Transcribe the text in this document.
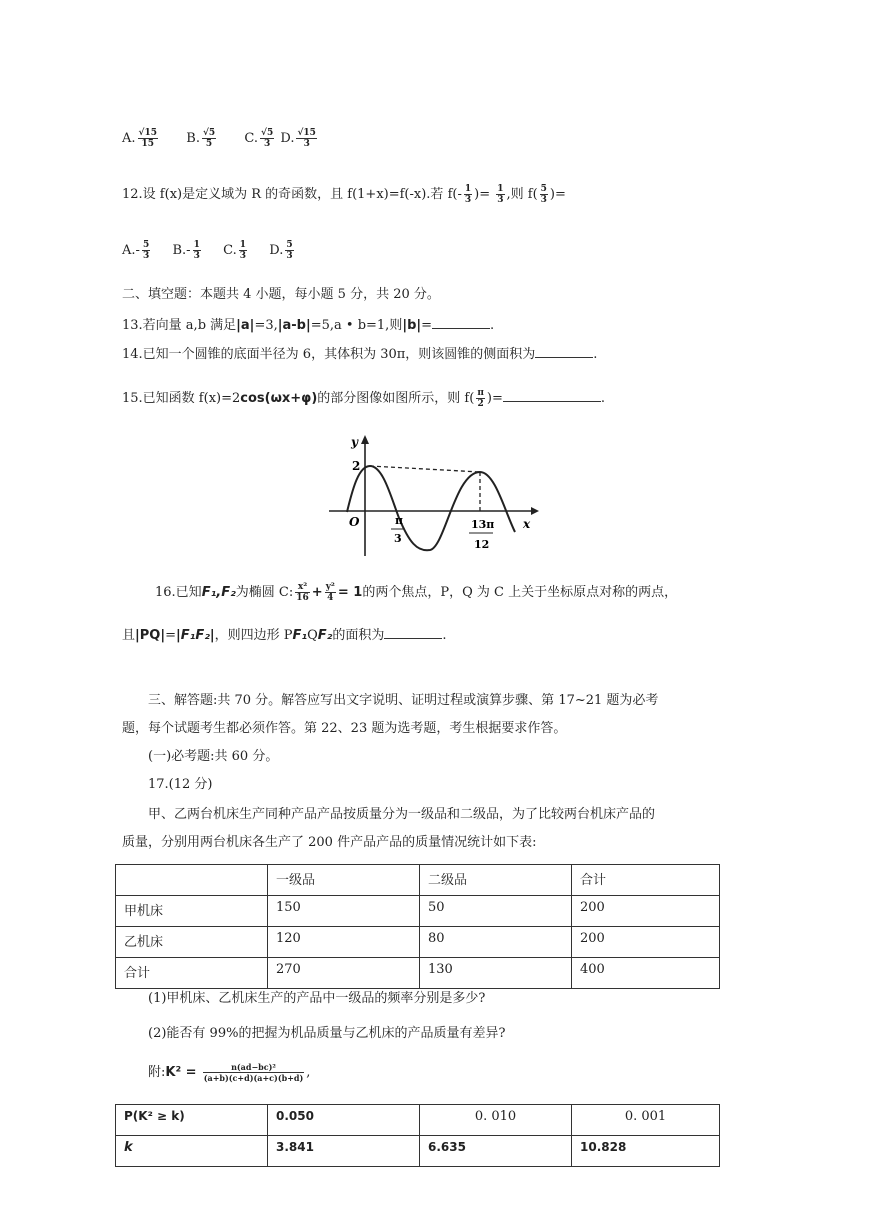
A. $\frac{√15}{15} B$. $\frac{√5}{5} C$. $\frac{√5}{3} D$. $\frac{√15}{3}$
12.设 f(x)是定义域为 R 的奇函数，且 f(1+x)=f(-x).若 $f(- \frac{1}{3}$ )= $\frac{1}{3}$ ,则 $f( \frac{5}{3}$ )=
$A.- \frac{5}{3} B.- \frac{1}{3} C$. $\frac{1}{3} D$. $\frac{5}{3}$
二、填空题：本题共 4 小题，每小题 5 分，共 20 分。
13.若向量 a,b 满足|a|=3,|a-b|=5,a • b=1,则|b|=	.
14.已知一个圆锥的底面半径为 6，其体积为 30π，则该圆锥的侧面积为	.
15.已知函数 f(x)=2cos(ωx+φ)的部分图像如图所示，则 $f( \frac{\pi}{2}$ )=	.
y
2
O	x
π
3
13π
12
16.已知F₁,F₂为椭圆 C: $\frac{\text{x²}}{16} + \frac{\text{y²}}{4} = 1$的两个焦点，P，Q 为 C 上关于坐标原点对称的两点，
且|PQ|=|F₁F₂|，则四边形 PF₁QF₂的面积为	.
三、解答题:共 70 分。解答应写出文字说明、证明过程或演算步骤、第 17~21 题为必考
题，每个试题考生都必须作答。第 22、23 题为选考题，考生根据要求作答。
(一)必考题:共 60 分。
17.(12 分)
甲、乙两台机床生产同种产品产品按质量分为一级品和二级品，为了比较两台机床产品的
质量，分别用两台机床各生产了 200 件产品产品的质量情况统计如下表:
	一级品	二级品	合计
甲机床	150	50	200
乙机床	120	80	200
合计	270	130	400
(1)甲机床、乙机床生产的产品中一级品的频率分别是多少?
(2)能否有 99%的把握为机品质量与乙机床的产品质量有差异?
附:K² = $\frac{\text{n(ad−bc)²}}{(a+b)(c+d)(a+c)(b+d)}$ ,
P(K² ≥ k)	0.050	0. 010	0. 001
k	3.841	6.635	10.828
